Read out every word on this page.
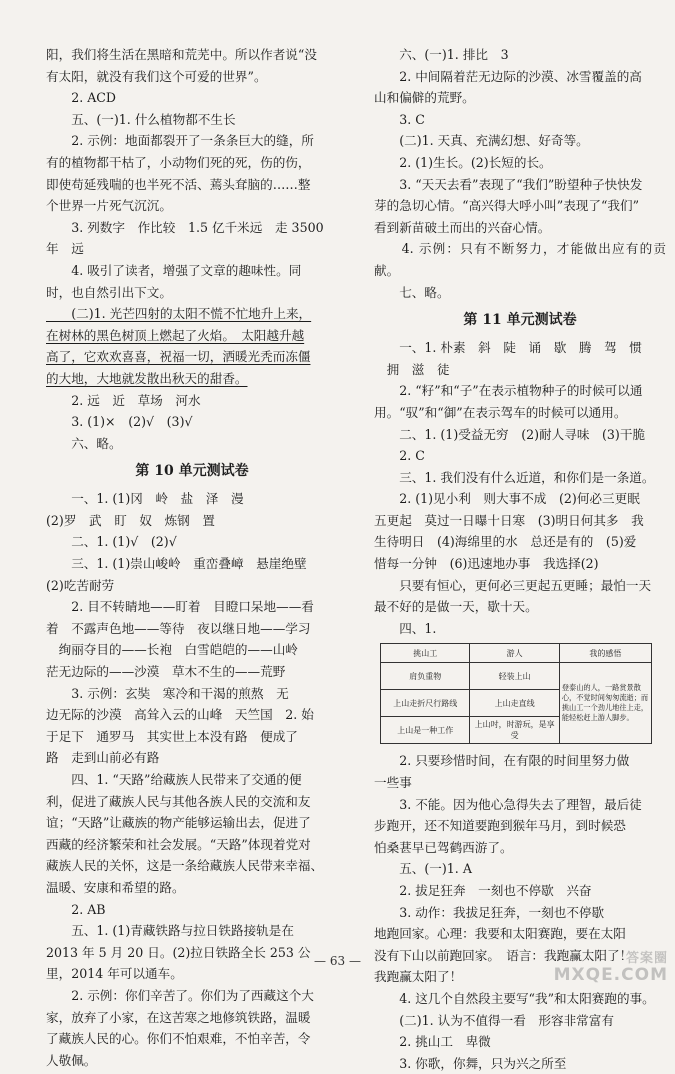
阳，我们将生活在黑暗和荒芜中。所以作者说“没

有太阳，就没有我们这个可爱的世界”。

　　2. ACD

　　五、(一)1. 什么植物都不生长

　　2. 示例：地面都裂开了一条条巨大的缝，所

有的植物都干枯了，小动物们死的死，伤的伤，

即使苟延残喘的也半死不活、蔫头耷脑的……整

个世界一片死气沉沉。

　　3. 列数字　作比较　1.5 亿千米远　走 3500

年　远

　　4. 吸引了读者，增强了文章的趣味性。同

时，也自然引出下文。

　　(二)1. 光芒四射的太阳不慌不忙地升上来，

在树林的黑色树顶上燃起了火焰。　太阳越升越

高了，它欢欢喜喜，祝福一切，洒暖光秃而冻僵

的大地，大地就发散出秋天的甜香。

　　2. 远　近　草场　河水

　　3. (1)×　(2)√　(3)√

　　六、略。

第 10 单元测试卷

　　一、1. (1)冈　岭　盐　泽　漫

(2)罗　武　盯　奴　炼钢　置

　　二、1. (1)√　(2)√

　　三、1. (1)崇山峻岭　重峦叠嶂　悬崖绝壁

(2)吃苦耐劳

　　2. 目不转睛地——盯着　目瞪口呆地——看

着　不露声色地——等待　夜以继日地——学习

　绚丽夺目的——长袍　白雪皑皑的——山岭

茫无边际的——沙漠　草木不生的——荒野

　　3. 示例：玄奘　寒冷和干渴的煎熬　无

边无际的沙漠　高耸入云的山峰　天竺国　2. 始

于足下　通罗马　其实世上本没有路　便成了

路　走到山前必有路

　　四、1. “天路”给藏族人民带来了交通的便

利，促进了藏族人民与其他各族人民的交流和友

谊；“天路”让藏族的物产能够运输出去，促进了

西藏的经济繁荣和社会发展。“天路”体现着党对

藏族人民的关怀，这是一条给藏族人民带来幸福、

温暖、安康和希望的路。

　　2. AB

　　五、1. (1)青藏铁路与拉日铁路接轨是在

2013 年 5 月 20 日。(2)拉日铁路全长 253 公

里，2014 年可以通车。

　　2. 示例：你们辛苦了。你们为了西藏这个大

家，放弃了小家，在这苦寒之地修筑铁路，温暖

了藏族人民的心。你们不怕艰难，不怕辛苦，令

人敬佩。

　　六、(一)1. 排比　3

　　2. 中间隔着茫无边际的沙漠、冰雪覆盖的高

山和偏僻的荒野。

　　3. C

　　(二)1. 天真、充满幻想、好奇等。

　　2. (1)生长。(2)长短的长。

　　3. “天天去看”表现了“我们”盼望种子快快发

芽的急切心情。“高兴得大呼小叫”表现了“我们”

看到新苗破土而出的兴奋心情。

　　4. 示例：只有不断努力，才能做出应有的贡献。

　　七、略。

第 11 单元测试卷

　　一、1. 朴素　斜　陡　诵　歇　腾　驾　惯

　拥　滋　徒

　　2. “籽”和“子”在表示植物种子的时候可以通

用。“驭”和“御”在表示驾车的时候可以通用。

　　二、1. (1)受益无穷　(2)耐人寻味　(3)干脆

　　2. C

　　三、1. 我们没有什么近道，和你们是一条道。

　　2. (1)见小利　则大事不成　(2)何必三更眠

五更起　莫过一日曝十日寒　(3)明日何其多　我

生待明日　(4)海绵里的水　总还是有的　(5)爱

惜每一分钟　(6)迅速地办事　我选择(2)

　　只要有恒心，更何必三更起五更睡；最怕一天

最不好的是做一天，歇十天。

　　四、1.

挑山工	游人	我的感悟
肩负重物	轻装上山	登泰山的人，一路赏景散心，不觉时间匆匆流逝；而挑山工一个劲儿地往上走，能轻松赶上游人脚步。
上山走折尺行路线	上山走直线	
上山是一种工作	上山吋，时游玩，是享受	

　　2. 只要珍惜时间，在有限的时间里努力做

一些事

　　3. 不能。因为他心急得失去了理智，最后徒

步跑开，还不知道要跑到猴年马月，到时候恐

怕桑葚早已驾鹤西游了。

　　五、(一)1. A

　　2. 拔足狂奔　一刻也不停歇　兴奋

　　3. 动作：我拔足狂奔，一刻也不停歇

地跑回家。心理：我要和太阳赛跑，要在太阳

没有下山以前跑回家。　语言：我跑赢太阳了！

我跑赢太阳了！

　　4. 这几个自然段主要写“我”和太阳赛跑的事。

　　(二)1. 认为不值得一看　形容非常富有

　　2. 挑山工　卑微

　　3. 你歌，你舞，只为兴之所至

— 63 —	答案圈
MXQE.COM
